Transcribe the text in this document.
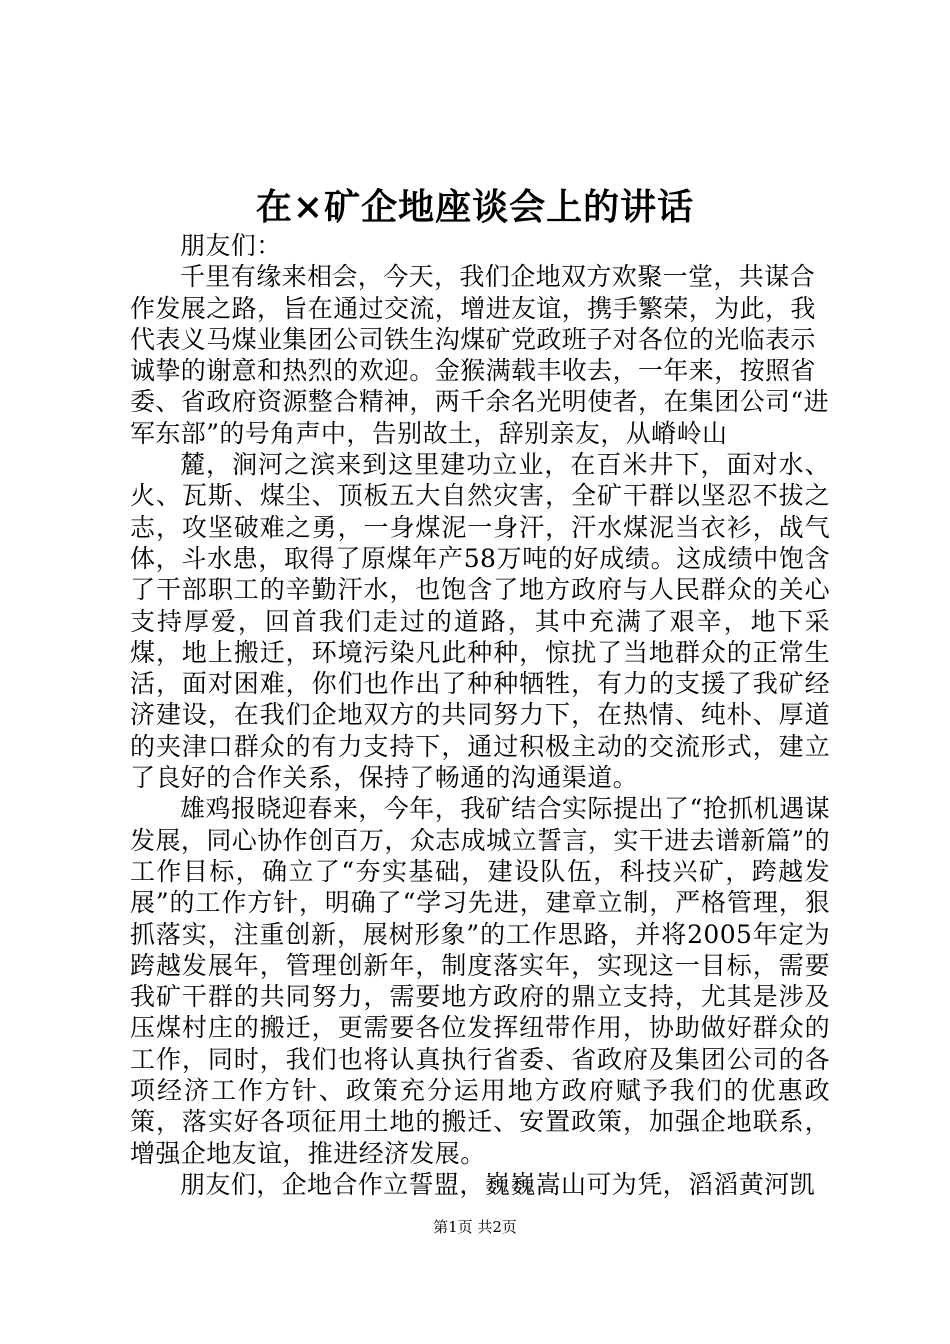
在×矿企地座谈会上的讲话

朋友们：

千里有缘来相会，今天，我们企地双方欢聚一堂，共谋合作发展之路，旨在通过交流，增进友谊，携手繁荣，为此，我代表义马煤业集团公司铁生沟煤矿党政班子对各位的光临表示诚挚的谢意和热烈的欢迎。金猴满载丰收去，一年来，按照省委、省政府资源整合精神，两千余名光明使者，在集团公司“进军东部”的号角声中，告别故土，辞别亲友，从嵴岭山

麓，涧河之滨来到这里建功立业，在百米井下，面对水、火、瓦斯、煤尘、顶板五大自然灾害，全矿干群以坚忍不拔之志，攻坚破难之勇，一身煤泥一身汗，汗水煤泥当衣衫，战气体，斗水患，取得了原煤年产58万吨的好成绩。这成绩中饱含了干部职工的辛勤汗水，也饱含了地方政府与人民群众的关心支持厚爱，回首我们走过的道路，其中充满了艰辛，地下采煤，地上搬迁，环境污染凡此种种，惊扰了当地群众的正常生活，面对困难，你们也作出了种种牺牲，有力的支援了我矿经济建设，在我们企地双方的共同努力下，在热情、纯朴、厚道的夹津口群众的有力支持下，通过积极主动的交流形式，建立了良好的合作关系，保持了畅通的沟通渠道。

雄鸡报晓迎春来，今年，我矿结合实际提出了“抢抓机遇谋发展，同心协作创百万，众志成城立誓言，实干进去谱新篇”的工作目标，确立了“夯实基础，建设队伍，科技兴矿，跨越发展”的工作方针，明确了“学习先进，建章立制，严格管理，狠抓落实，注重创新，展树形象”的工作思路，并将2005年定为跨越发展年，管理创新年，制度落实年，实现这一目标，需要我矿干群的共同努力，需要地方政府的鼎立支持，尤其是涉及压煤村庄的搬迁，更需要各位发挥纽带作用，协助做好群众的工作，同时，我们也将认真执行省委、省政府及集团公司的各项经济工作方针、政策充分运用地方政府赋予我们的优惠政策，落实好各项征用土地的搬迁、安置政策，加强企地联系，增强企地友谊，推进经济发展。

朋友们，企地合作立誓盟，巍巍嵩山可为凭，滔滔黄河凯

第1页 共2页
